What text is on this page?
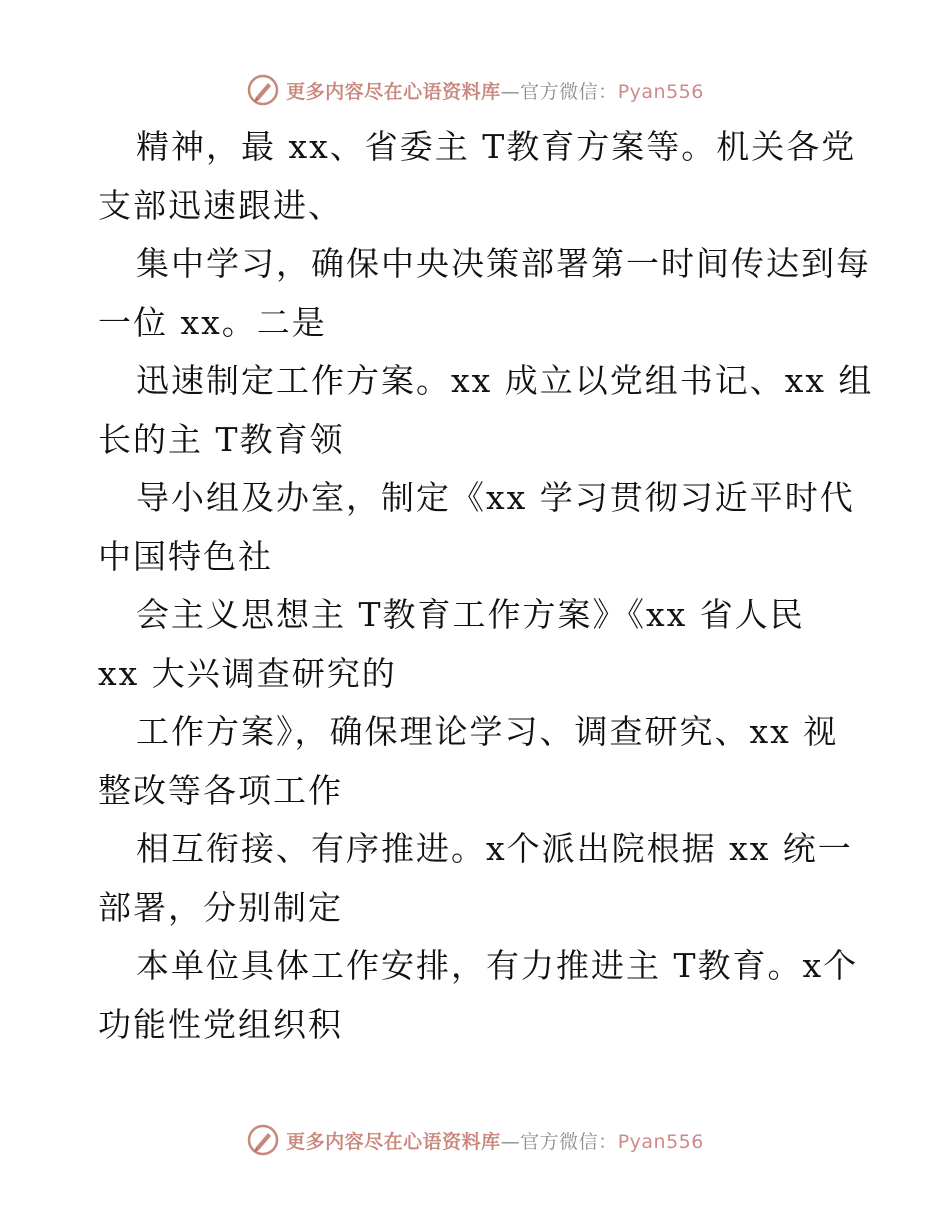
更多内容尽在心语资料库—官方微信：Pyan556
精神，最 xx、省委主 T教育方案等。机关各党
支部迅速跟进、
集中学习，确保中央决策部署第一时间传达到每
一位 xx。二是
迅速制定工作方案。xx 成立以党组书记、xx 组
长的主 T教育领
导小组及办室，制定《xx 学习贯彻习近平时代
中国特色社
会主义思想主 T教育工作方案》《xx 省人民
xx 大兴调查研究的
工作方案》，确保理论学习、调查研究、xx 视
整改等各项工作
相互衔接、有序推进。x个派出院根据 xx 统一
部署，分别制定
本单位具体工作安排，有力推进主 T教育。x个
功能性党组织积
更多内容尽在心语资料库—官方微信：Pyan556
